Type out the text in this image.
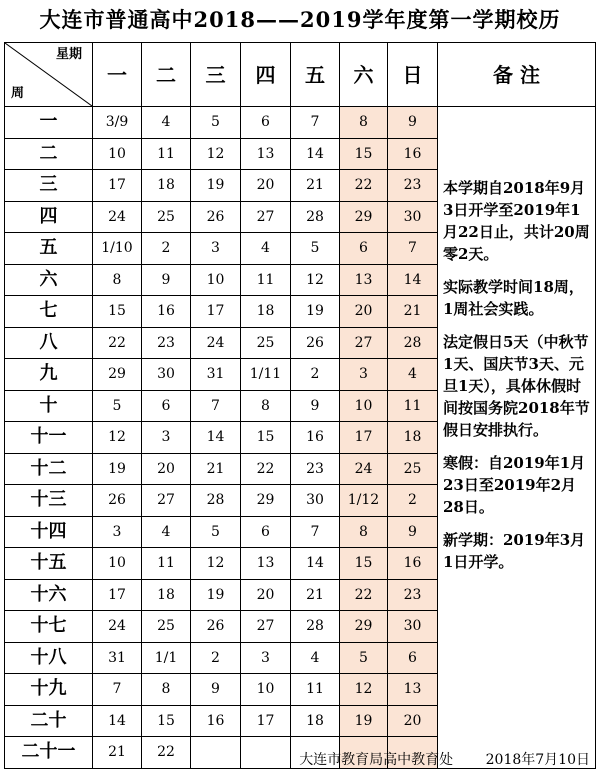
大连市普通高中2018——2019学年度第一学期校历
星期
周	一	二	三	四	五	六	日	备 注
一	3/9	4	5	6	7	8	9	本学期自2018年9月3日开学至2019年1月22日止，共计20周零2天。
实际教学时间18周，1周社会实践。
法定假日5天（中秋节1天、国庆节3天、元旦1天），具体休假时间按国务院2018年节假日安排执行。
寒假：自2019年1月23日至2019年2月28日。
新学期：2019年3月1日开学。

二	10	11	12	13	14	15	16	
三	17	18	19	20	21	22	23	
四	24	25	26	27	28	29	30	
五	1/10	2	3	4	5	6	7	
六	8	9	10	11	12	13	14	
七	15	16	17	18	19	20	21	
八	22	23	24	25	26	27	28	
九	29	30	31	1/11	2	3	4	
十	5	6	7	8	9	10	11	
十一	12	3	14	15	16	17	18	
十二	19	20	21	22	23	24	25	
十三	26	27	28	29	30	1/12	2	
十四	3	4	5	6	7	8	9	
十五	10	11	12	13	14	15	16	
十六	17	18	19	20	21	22	23	
十七	24	25	26	27	28	29	30	
十八	31	1/1	2	3	4	5	6	
十九	7	8	9	10	11	12	13	
二十	14	15	16	17	18	19	20	
二十一	21	22							大连市教育局高中教育处 2018年7月10日
